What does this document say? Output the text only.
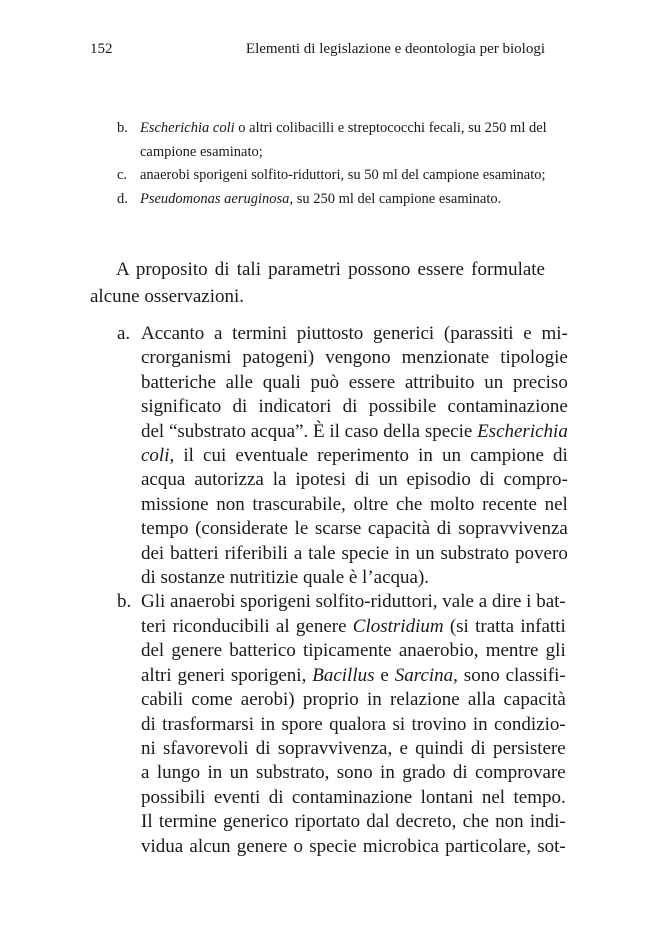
152	Elementi di legislazione e deontologia per biologi
b. Escherichia coli o altri colibacilli e streptococchi fecali, su 250 ml del campione esaminato;
c. anaerobi sporigeni solfito-riduttori, su 50 ml del campione esaminato;
d. Pseudomonas aeruginosa, su 250 ml del campione esaminato.

A proposito di tali parametri possono essere formulate alcune osservazioni.

a. Accanto a termini piuttosto generici (parassiti e mi-
crorganismi patogeni) vengono menzionate tipologie
batteriche alle quali può essere attribuito un preciso
significato di indicatori di possibile contaminazione
del “substrato acqua”. È il caso della specie Escherichia
coli, il cui eventuale reperimento in un campione di
acqua autorizza la ipotesi di un episodio di compro-
missione non trascurabile, oltre che molto recente nel
tempo (considerate le scarse capacità di sopravvivenza
dei batteri riferibili a tale specie in un substrato povero
di sostanze nutritizie quale è l’acqua).
b. Gli anaerobi sporigeni solfito-riduttori, vale a dire i bat-
teri riconducibili al genere Clostridium (si tratta infatti
del genere batterico tipicamente anaerobio, mentre gli
altri generi sporigeni, Bacillus e Sarcina, sono classifi-
cabili come aerobi) proprio in relazione alla capacità
di trasformarsi in spore qualora si trovino in condizio-
ni sfavorevoli di sopravvivenza, e quindi di persistere
a lungo in un substrato, sono in grado di comprovare
possibili eventi di contaminazione lontani nel tempo.
Il termine generico riportato dal decreto, che non indi-
vidua alcun genere o specie microbica particolare, sot-
